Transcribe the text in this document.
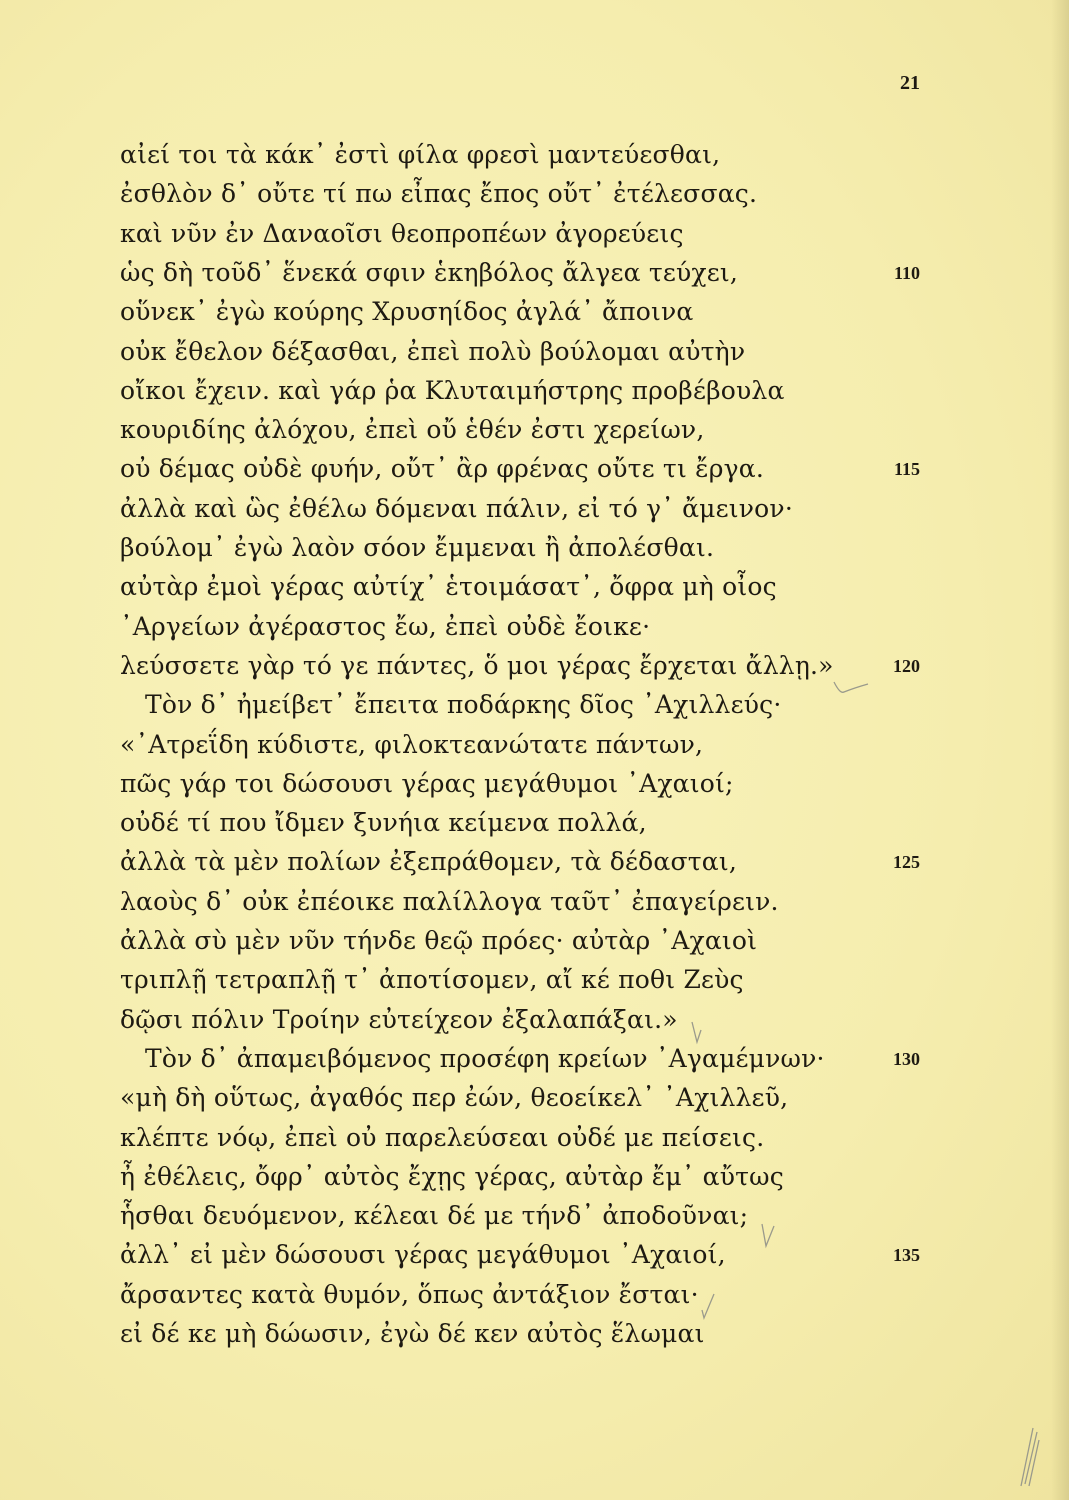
21
αἰεί τοι τὰ κάκ᾽ ἐστὶ φίλα φρεσὶ μαντεύεσθαι,
ἐσθλὸν δ᾽ οὔτε τί πω εἶπας ἔπος οὔτ᾽ ἐτέλεσσας.
καὶ νῦν ἐν Δαναοῖσι θεοπροπέων ἀγορεύεις
ὡς δὴ τοῦδ᾽ ἕνεκά σφιν ἑκηβόλος ἄλγεα τεύχει,	110
οὕνεκ᾽ ἐγὼ κούρης Χρυσηίδος ἀγλά᾽ ἄποινα
οὐκ ἔθελον δέξασθαι, ἐπεὶ πολὺ βούλομαι αὐτὴν
οἴκοι ἔχειν. καὶ γάρ ῥα Κλυταιμήστρης προβέβουλα
κουριδίης ἀλόχου, ἐπεὶ οὔ ἑθέν ἐστι χερείων,
οὐ δέμας οὐδὲ φυήν, οὔτ᾽ ἂρ φρένας οὔτε τι ἔργα.	115
ἀλλὰ καὶ ὣς ἐθέλω δόμεναι πάλιν, εἰ τό γ᾽ ἄμεινον·
βούλομ᾽ ἐγὼ λαὸν σόον ἔμμεναι ἢ ἀπολέσθαι.
αὐτὰρ ἐμοὶ γέρας αὐτίχ᾽ ἑτοιμάσατ᾽, ὄφρα μὴ οἶος
᾽Αργείων ἀγέραστος ἔω, ἐπεὶ οὐδὲ ἔοικε·
λεύσσετε γὰρ τό γε πάντες, ὅ μοι γέρας ἔρχεται ἄλλῃ.»	120
Τὸν δ᾽ ἠμείβετ᾽ ἔπειτα ποδάρκης δῖος ᾽Αχιλλεύς·
«᾽Ατρεΐδη κύδιστε, φιλοκτεανώτατε πάντων,
πῶς γάρ τοι δώσουσι γέρας μεγάθυμοι ᾽Αχαιοί;
οὐδέ τί που ἴδμεν ξυνήια κείμενα πολλά,
ἀλλὰ τὰ μὲν πολίων ἐξεπράθομεν, τὰ δέδασται,	125
λαοὺς δ᾽ οὐκ ἐπέοικε παλίλλογα ταῦτ᾽ ἐπαγείρειν.
ἀλλὰ σὺ μὲν νῦν τήνδε θεῷ πρόες· αὐτὰρ ᾽Αχαιοὶ
τριπλῇ τετραπλῇ τ᾽ ἀποτίσομεν, αἴ κέ ποθι Ζεὺς
δῷσι πόλιν Τροίην εὐτείχεον ἐξαλαπάξαι.»
Τὸν δ᾽ ἀπαμειβόμενος προσέφη κρείων ᾽Αγαμέμνων·	130
«μὴ δὴ οὕτως, ἀγαθός περ ἐών, θεοείκελ᾽ ᾽Αχιλλεῦ,
κλέπτε νόῳ, ἐπεὶ οὐ παρελεύσεαι οὐδέ με πείσεις.
ἦ ἐθέλεις, ὄφρ᾽ αὐτὸς ἔχῃς γέρας, αὐτὰρ ἔμ᾽ αὔτως
ἧσθαι δευόμενον, κέλεαι δέ με τήνδ᾽ ἀποδοῦναι;
ἀλλ᾽ εἰ μὲν δώσουσι γέρας μεγάθυμοι ᾽Αχαιοί,	135
ἄρσαντες κατὰ θυμόν, ὅπως ἀντάξιον ἔσται·
εἰ δέ κε μὴ δώωσιν, ἐγὼ δέ κεν αὐτὸς ἕλωμαι
